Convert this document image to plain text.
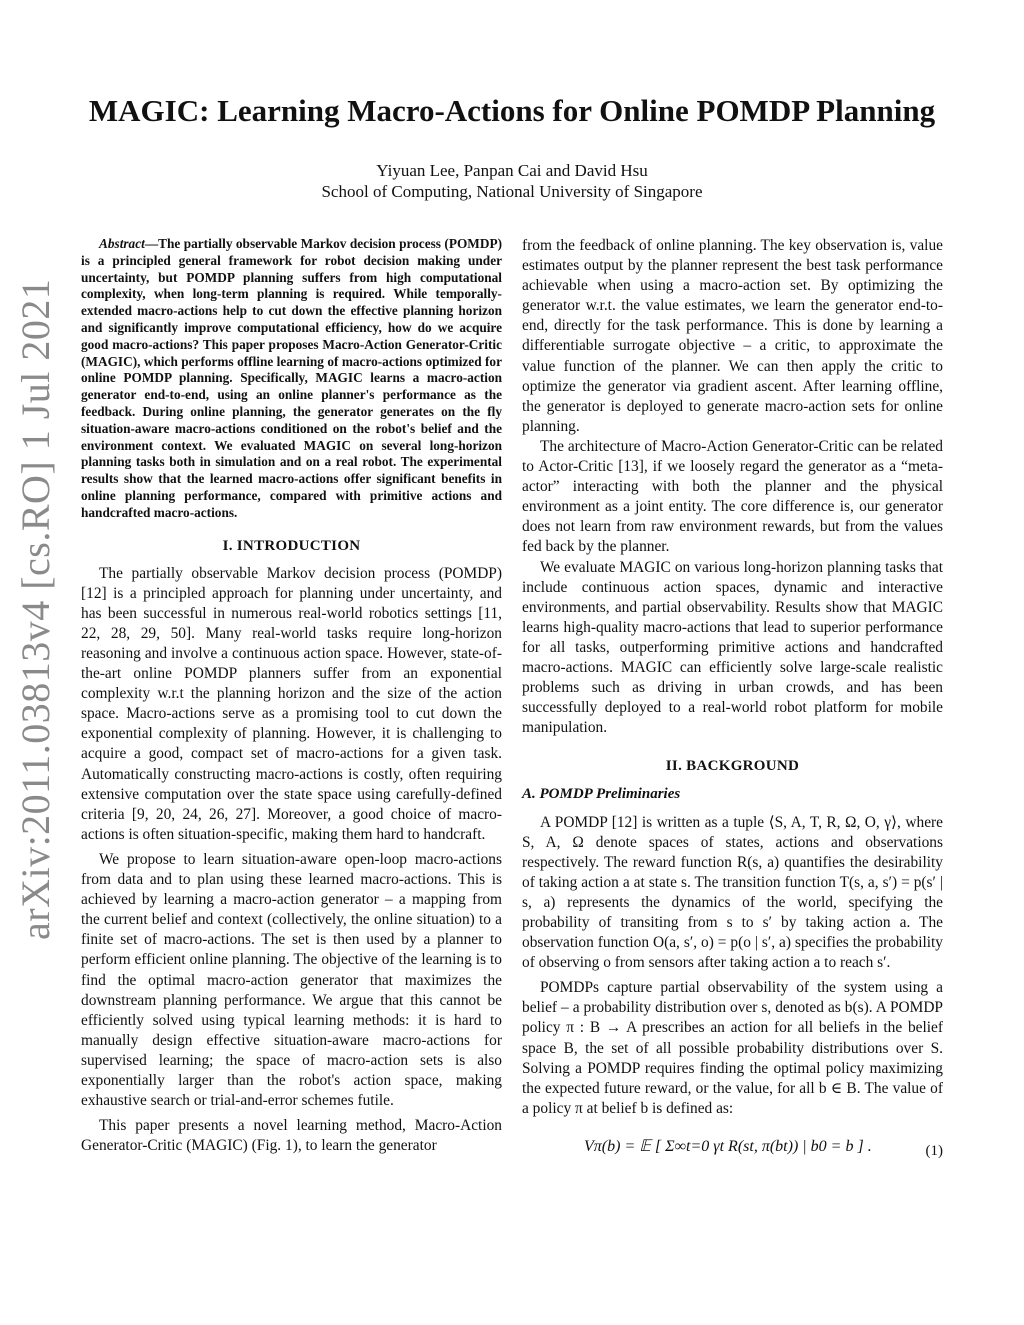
arXiv:2011.03813v4 [cs.RO] 1 Jul 2021
MAGIC: Learning Macro-Actions for Online POMDP Planning
Yiyuan Lee, Panpan Cai and David Hsu
School of Computing, National University of Singapore

Abstract—The partially observable Markov decision process (POMDP) is a principled general framework for robot decision making under uncertainty, but POMDP planning suffers from high computational complexity, when long-term planning is required. While temporally-extended macro-actions help to cut down the effective planning horizon and significantly improve computational efficiency, how do we acquire good macro-actions? This paper proposes Macro-Action Generator-Critic (MAGIC), which performs offline learning of macro-actions optimized for online POMDP planning. Specifically, MAGIC learns a macro-action generator end-to-end, using an online planner's performance as the feedback. During online planning, the generator generates on the fly situation-aware macro-actions conditioned on the robot's belief and the environment context. We evaluated MAGIC on several long-horizon planning tasks both in simulation and on a real robot. The experimental results show that the learned macro-actions offer significant benefits in online planning performance, compared with primitive actions and handcrafted macro-actions.

I. INTRODUCTION

The partially observable Markov decision process (POMDP) [12] is a principled approach for planning under uncertainty, and has been successful in numerous real-world robotics settings [11, 22, 28, 29, 50]. Many real-world tasks require long-horizon reasoning and involve a continuous action space. However, state-of-the-art online POMDP planners suffer from an exponential complexity w.r.t the planning horizon and the size of the action space. Macro-actions serve as a promising tool to cut down the exponential complexity of planning. However, it is challenging to acquire a good, compact set of macro-actions for a given task. Automatically constructing macro-actions is costly, often requiring extensive computation over the state space using carefully-defined criteria [9, 20, 24, 26, 27]. Moreover, a good choice of macro-actions is often situation-specific, making them hard to handcraft.

We propose to learn situation-aware open-loop macro-actions from data and to plan using these learned macro-actions. This is achieved by learning a macro-action generator – a mapping from the current belief and context (collectively, the online situation) to a finite set of macro-actions. The set is then used by a planner to perform efficient online planning. The objective of the learning is to find the optimal macro-action generator that maximizes the downstream planning performance. We argue that this cannot be efficiently solved using typical learning methods: it is hard to manually design effective situation-aware macro-actions for supervised learning; the space of macro-action sets is also exponentially larger than the robot's action space, making exhaustive search or trial-and-error schemes futile.

This paper presents a novel learning method, Macro-Action Generator-Critic (MAGIC) (Fig. 1), to learn the generator

from the feedback of online planning. The key observation is, value estimates output by the planner represent the best task performance achievable when using a macro-action set. By optimizing the generator w.r.t. the value estimates, we learn the generator end-to-end, directly for the task performance. This is done by learning a differentiable surrogate objective – a critic, to approximate the value function of the planner. We can then apply the critic to optimize the generator via gradient ascent. After learning offline, the generator is deployed to generate macro-action sets for online planning.

The architecture of Macro-Action Generator-Critic can be related to Actor-Critic [13], if we loosely regard the generator as a “meta-actor” interacting with both the planner and the physical environment as a joint entity. The core difference is, our generator does not learn from raw environment rewards, but from the values fed back by the planner.

We evaluate MAGIC on various long-horizon planning tasks that include continuous action spaces, dynamic and interactive environments, and partial observability. Results show that MAGIC learns high-quality macro-actions that lead to superior performance for all tasks, outperforming primitive actions and handcrafted macro-actions. MAGIC can efficiently solve large-scale realistic problems such as driving in urban crowds, and has been successfully deployed to a real-world robot platform for mobile manipulation.

II. BACKGROUND
A. POMDP Preliminaries

A POMDP [12] is written as a tuple ⟨S, A, T, R, Ω, O, γ⟩, where S, A, Ω denote spaces of states, actions and observations respectively. The reward function R(s, a) quantifies the desirability of taking action a at state s. The transition function T(s, a, s′) = p(s′ | s, a) represents the dynamics of the world, specifying the probability of transiting from s to s′ by taking action a. The observation function O(a, s′, o) = p(o | s′, a) specifies the probability of observing o from sensors after taking action a to reach s′.

POMDPs capture partial observability of the system using a belief – a probability distribution over s, denoted as b(s). A POMDP policy π : B → A prescribes an action for all beliefs in the belief space B, the set of all possible probability distributions over S. Solving a POMDP requires finding the optimal policy maximizing the expected future reward, or the value, for all b ∈ B. The value of a policy π at belief b is defined as:

Vπ(b) = 𝔼 [ Σ∞t=0 γt R(st, π(bt)) | b0 = b ] .	(1)
